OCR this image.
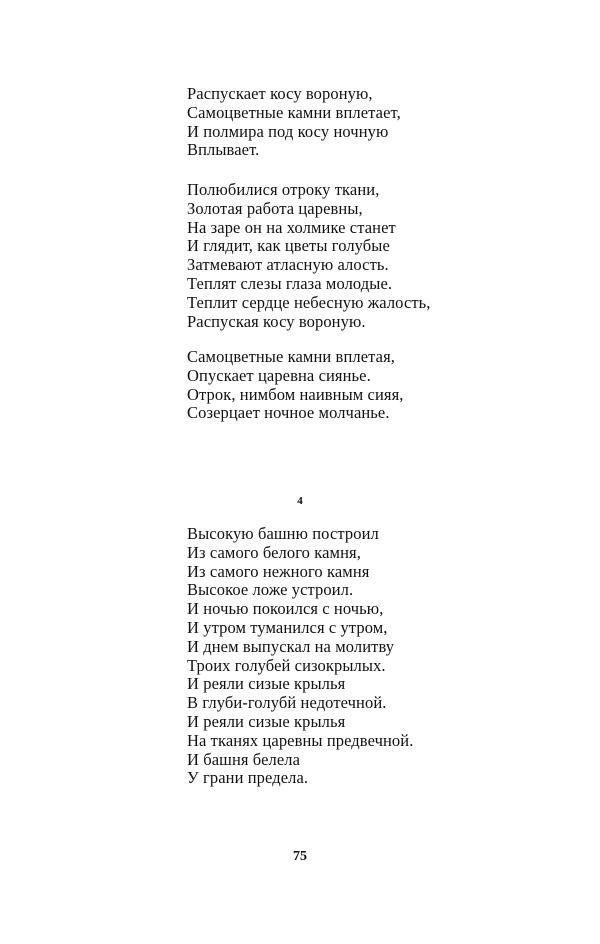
Распускает косу вороную,
Самоцветные камни вплетает,
И полмира под косу ночную
Вплывает.
Полюбилися отроку ткани,
Золотая работа царевны,
На заре он на холмике станет
И глядит, как цветы голубые
Затмевают атласную алость.
Теплят слезы глаза молодые.
Теплит сердце небесную жалость,
Распуская косу вороную.
Самоцветные камни вплетая,
Опускает царевна сиянье.
Отрок, нимбом наивным сияя,
Созерцает ночное молчанье.
4
Высокую башню построил
Из самого белого камня,
Из самого нежного камня
Высокое ложе устроил.
И ночью покоился с ночью,
И утром туманился с утром,
И днем выпускал на молитву
Троих голубей сизокрылых.
И реяли сизые крылья
В глуби-голубй недотечной.
И реяли сизые крылья
На тканях царевны предвечной.
И башня белела
У грани предела.
75
